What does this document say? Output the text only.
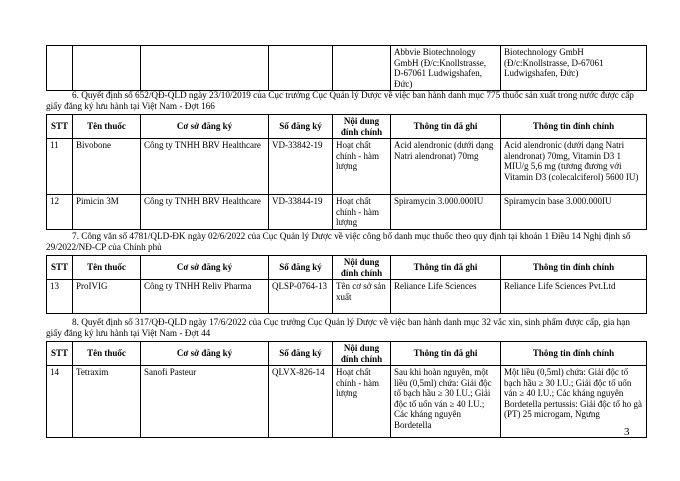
					Abbvie Biotechnology GmbH (Đ/c:Knollstrasse, D-67061 Ludwigshafen, Đức)	Biotechnology GmbH (Đ/c:Knollstrasse, D-67061 Ludwigshafen, Đức)
6. Quyết định số 652/QĐ-QLD ngày 23/10/2019 của Cục trưởng Cục Quản lý Dược về việc ban hành danh mục 775 thuốc sản xuất trong nước được cấp giấy đăng ký lưu hành tại Việt Nam - Đợt 166
STT	Tên thuốc	Cơ sở đăng ký	Số đăng ký	Nội dung đính chính	Thông tin đã ghi	Thông tin đính chính
11	Bivobone	Công ty TNHH BRV Healthcare	VD-33842-19	Hoạt chất chính - hàm lượng	Acid alendronic (dưới dạng Natri alendronat) 70mg	Acid alendronic (dưới dạng Natri alendronat) 70mg, Vitamin D3 1 MIU/g 5,6 mg (tương đương với Vitamin D3 (colecalciferol) 5600 IU)
12	Pimicin 3M	Công ty TNHH BRV Healthcare	VD-33844-19	Hoạt chất chính - hàm lượng	Spiramycin 3.000.000IU	Spiramycin base 3.000.000IU
7. Công văn số 4781/QLD-ĐK ngày 02/6/2022 của Cục Quản lý Dược về việc công bố danh mục thuốc theo quy định tại khoản 1 Điều 14 Nghị định số 29/2022/NĐ-CP của Chính phủ
STT	Tên thuốc	Cơ sở đăng ký	Số đăng ký	Nội dung đính chính	Thông tin đã ghi	Thông tin đính chính
13	ProIVIG	Công ty TNHH Reliv Pharma	QLSP-0764-13	Tên cơ sở sản xuất	Reliance Life Sciences	Reliance Life Sciences Pvt.Ltd
8. Quyết định số 317/QĐ-QLD ngày 17/6/2022 của Cục trưởng Cục Quản lý Dược về việc ban hành danh mục 32 vắc xin, sinh phẩm được cấp, gia hạn giấy đăng ký lưu hành tại Việt Nam - Đợt 44
STT	Tên thuốc	Cơ sở đăng ký	Số đăng ký	Nội dung đính chính	Thông tin đã ghi	Thông tin đính chính
14	Tetraxim	Sanofi Pasteur	QLVX-826-14	Hoạt chất chính - hàm lượng	Sau khi hoàn nguyên, một liều (0,5ml) chứa: Giải độc tố bạch hầu ≥ 30 I.U.; Giải độc tố uốn ván ≥ 40 I.U.; Các kháng nguyên Bordetella	Một liều (0,5ml) chứa: Giải độc tố bạch hầu ≥ 30 I.U.; Giải độc tố uốn ván ≥ 40 I.U.; Các kháng nguyên Bordetella pertussis: Giải độc tố ho gà (PT) 25 microgam, Ngưng
3
